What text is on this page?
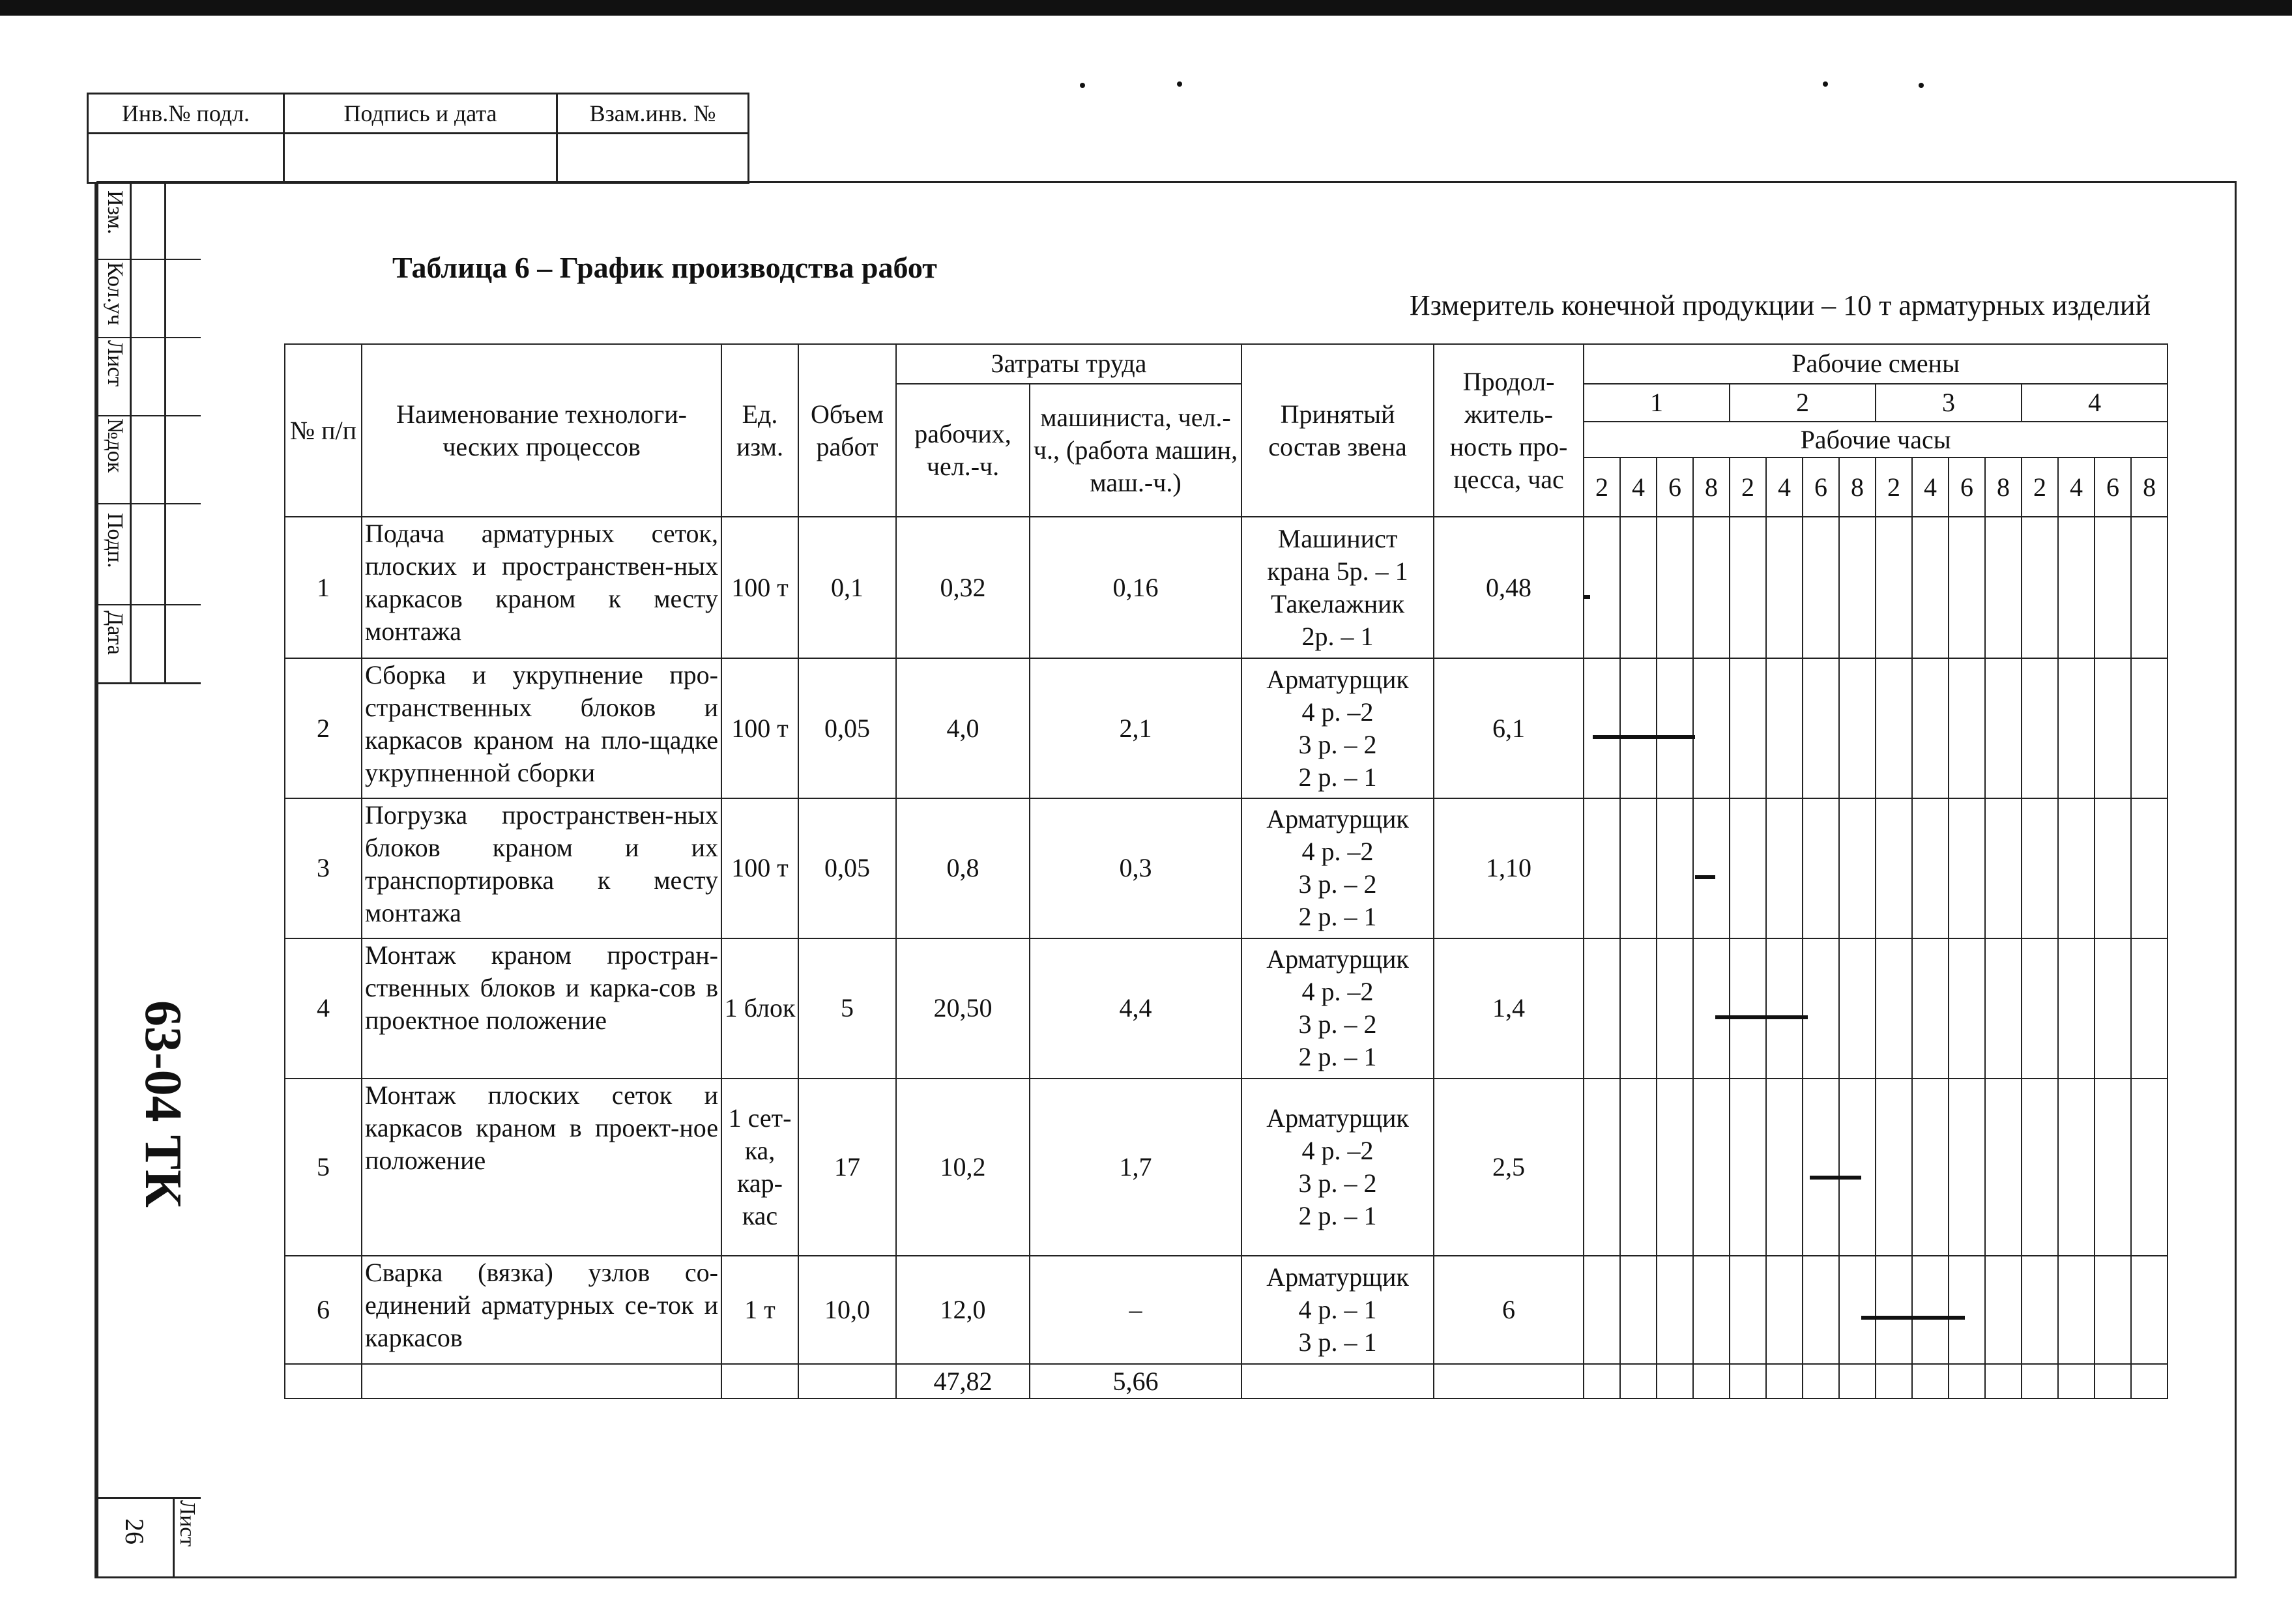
Инв.№ подл.	Подпись и дата	Взам.инв. №
Изм.
Кол.уч
Лист
№док
Подп.
Дата
63-04 ТК
Лист
26
Таблица 6 – График производства работ
Измеритель конечной продукции – 10 т арматурных изделий
№ п/п	Наименование технологи-ческих процессов	Ед. изм.	Объем работ	Затраты труда		Принятый состав звена	Продол-житель-ность про-цесса, час	Рабочие смены															
				рабочих, чел.-ч.	машиниста, чел.-ч., (работа машин, маш.-ч.)			1				2				3				4			
								Рабочие часы															
								2	4	6	8	2	4	6	8	2	4	6	8	2	4	6	8
1	Подача арматурных сеток, плоских и пространствен-ных каркасов краном к месту монтажа	100 т	0,1	0,32	0,16	Машинист
крана 5р. – 1
Такелажник
2р. – 1	0,48																
2	Сборка и укрупнение про-странственных блоков и каркасов краном на пло-щадке укрупненной сборки	100 т	0,05	4,0	2,1	Арматурщик
4 р. –2
3 р. – 2
2 р. – 1	6,1																
3	Погрузка пространствен-ных блоков краном и их транспортировка к месту монтажа	100 т	0,05	0,8	0,3	Арматурщик
4 р. –2
3 р. – 2
2 р. – 1	1,10																
4	Монтаж краном простран-ственных блоков и карка-сов в проектное положение	1 блок	5	20,50	4,4	Арматурщик
4 р. –2
3 р. – 2
2 р. – 1	1,4																
5	Монтаж плоских сеток и каркасов краном в проект-ное положение	1 сет-ка, кар-кас	17	10,2	1,7	Арматурщик
4 р. –2
3 р. – 2
2 р. – 1	2,5																
6	Сварка (вязка) узлов со-единений арматурных се-ток и каркасов	1 т	10,0	12,0	–	Арматурщик
4 р. – 1
3 р. – 1	6																
				47,82	5,66																		
